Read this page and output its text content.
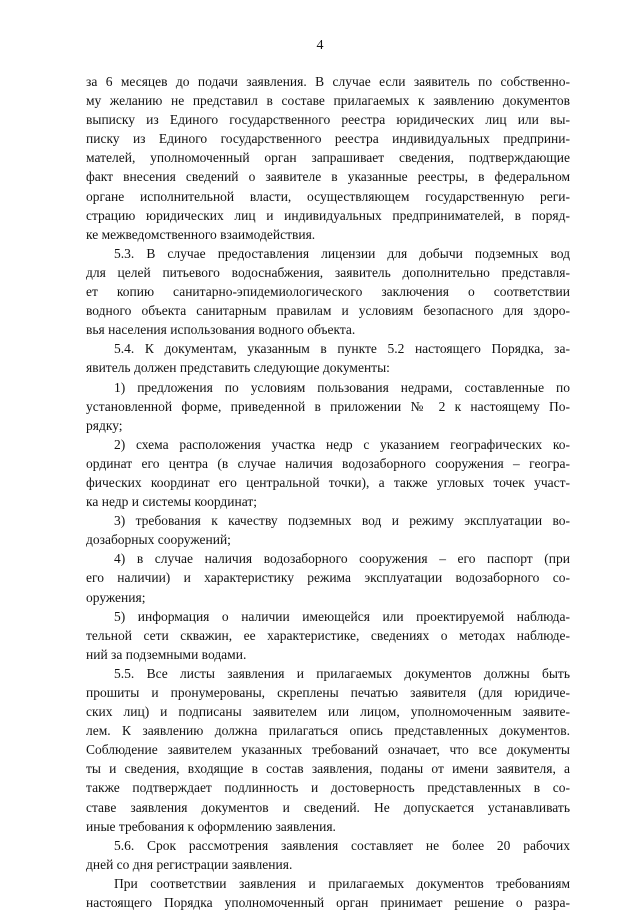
4
за 6 месяцев до подачи заявления. В случае если заявитель по собственно-
му желанию не представил в составе прилагаемых к заявлению документов
выписку из Единого государственного реестра юридических лиц или вы-
писку из Единого государственного реестра индивидуальных предприни-
мателей, уполномоченный орган запрашивает сведения, подтверждающие
факт внесения сведений о заявителе в указанные реестры, в федеральном
органе исполнительной власти, осуществляющем государственную реги-
страцию юридических лиц и индивидуальных предпринимателей, в поряд-
ке межведомственного взаимодействия.
5.3. В случае предоставления лицензии для добычи подземных вод
для целей питьевого водоснабжения, заявитель дополнительно представля-
ет копию санитарно-эпидемиологического заключения о соответствии
водного объекта санитарным правилам и условиям безопасного для здоро-
вья населения использования водного объекта.
5.4. К документам, указанным в пункте 5.2 настоящего Порядка, за-
явитель должен представить следующие документы:
1) предложения по условиям пользования недрами, составленные по
установленной форме, приведенной в приложении № 2 к настоящему По-
рядку;
2) схема расположения участка недр с указанием географических ко-
ординат его центра (в случае наличия водозаборного сооружения – геогра-
фических координат его центральной точки), а также угловых точек участ-
ка недр и системы координат;
3) требования к качеству подземных вод и режиму эксплуатации во-
дозаборных сооружений;
4) в случае наличия водозаборного сооружения – его паспорт (при
его наличии) и характеристику режима эксплуатации водозаборного со-
оружения;
5) информация о наличии имеющейся или проектируемой наблюда-
тельной сети скважин, ее характеристике, сведениях о методах наблюде-
ний за подземными водами.
5.5. Все листы заявления и прилагаемых документов должны быть
прошиты и пронумерованы, скреплены печатью заявителя (для юридиче-
ских лиц) и подписаны заявителем или лицом, уполномоченным заявите-
лем. К заявлению должна прилагаться опись представленных документов.
Соблюдение заявителем указанных требований означает, что все документы
ты и сведения, входящие в состав заявления, поданы от имени заявителя, а
также подтверждает подлинность и достоверность представленных в со-
ставе заявления документов и сведений. Не допускается устанавливать
иные требования к оформлению заявления.
5.6. Срок рассмотрения заявления составляет не более 20 рабочих
дней со дня регистрации заявления.
При соответствии заявления и прилагаемых документов требованиям
настоящего Порядка уполномоченный орган принимает решение о разра-
